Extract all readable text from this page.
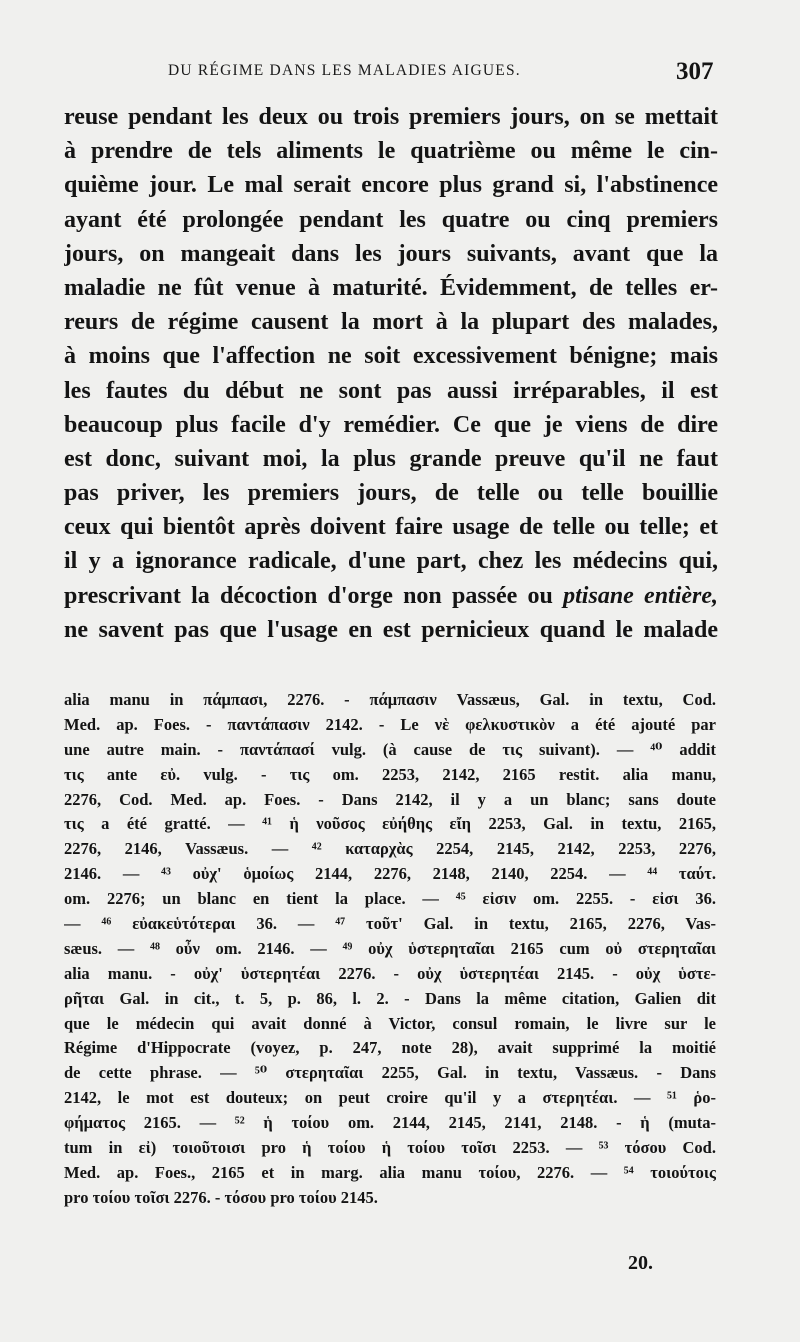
DU RÉGIME DANS LES MALADIES AIGUES.	307
reuse pendant les deux ou trois premiers jours, on se mettait
à prendre de tels aliments le quatrième ou même le cin-
quième jour. Le mal serait encore plus grand si, l'abstinence
ayant été prolongée pendant les quatre ou cinq premiers
jours, on mangeait dans les jours suivants, avant que la
maladie ne fût venue à maturité. Évidemment, de telles er-
reurs de régime causent la mort à la plupart des malades,
à moins que l'affection ne soit excessivement bénigne; mais
les fautes du début ne sont pas aussi irréparables, il est
beaucoup plus facile d'y remédier. Ce que je viens de dire
est donc, suivant moi, la plus grande preuve qu'il ne faut
pas priver, les premiers jours, de telle ou telle bouillie
ceux qui bientôt après doivent faire usage de telle ou telle; et
il y a ignorance radicale, d'une part, chez les médecins qui,
prescrivant la décoction d'orge non passée ou ptisane entière,
ne savent pas que l'usage en est pernicieux quand le malade
alia manu in πάμπασι, 2276. - πάμπασιν Vassæus, Gal. in textu, Cod.
Med. ap. Foes. - παντάπασιν 2142. - Le νὲ φελκυστικὸν a été ajouté par
une autre main. - παντάπασί vulg. (à cause de τις suivant). — ⁴⁰ addit
τις ante εὐ. vulg. - τις om. 2253, 2142, 2165 restit. alia manu,
2276, Cod. Med. ap. Foes. - Dans 2142, il y a un blanc; sans doute
τις a été gratté. — ⁴¹ ἡ νοῦσος εὐήθης εἴη 2253, Gal. in textu, 2165,
2276, 2146, Vassæus. — ⁴² καταρχὰς 2254, 2145, 2142, 2253, 2276,
2146. — ⁴³ οὐχ' ὁμοίως 2144, 2276, 2148, 2140, 2254. — ⁴⁴ ταύτ.
om. 2276; un blanc en tient la place. — ⁴⁵ εἰσιν om. 2255. - εἰσι 36.
— ⁴⁶ εὐακεὑτότεραι 36. — ⁴⁷ τοῦτ' Gal. in textu, 2165, 2276, Vas-
sæus. — ⁴⁸ οὖν om. 2146. — ⁴⁹ οὐχ ὑστερηταῖαι 2165 cum οὐ στερηταῖαι
alia manu. - οὐχ' ὑστερητέαι 2276. - οὐχ ὑστερητέαι 2145. - οὐχ ὑστε-
ρῆται Gal. in cit., t. 5, p. 86, l. 2. - Dans la même citation, Galien dit
que le médecin qui avait donné à Victor, consul romain, le livre sur le
Régime d'Hippocrate (voyez, p. 247, note 28), avait supprimé la moitié
de cette phrase. — ⁵⁰ στερηταῖαι 2255, Gal. in textu, Vassæus. - Dans
2142, le mot est douteux; on peut croire qu'il y a στερητέαι. — ⁵¹ ῥο-
φήματος 2165. — ⁵² ἡ τοίου om. 2144, 2145, 2141, 2148. - ἡ (muta-
tum in εἰ) τοιοῦτοισι pro ἡ τοίου ἡ τοίου τοῖσι 2253. — ⁵³ τόσου Cod.
Med. ap. Foes., 2165 et in marg. alia manu τοίου, 2276. — ⁵⁴ τοιούτοις
pro τοίου τοῖσι 2276. - τόσου pro τοίου 2145.
20.
